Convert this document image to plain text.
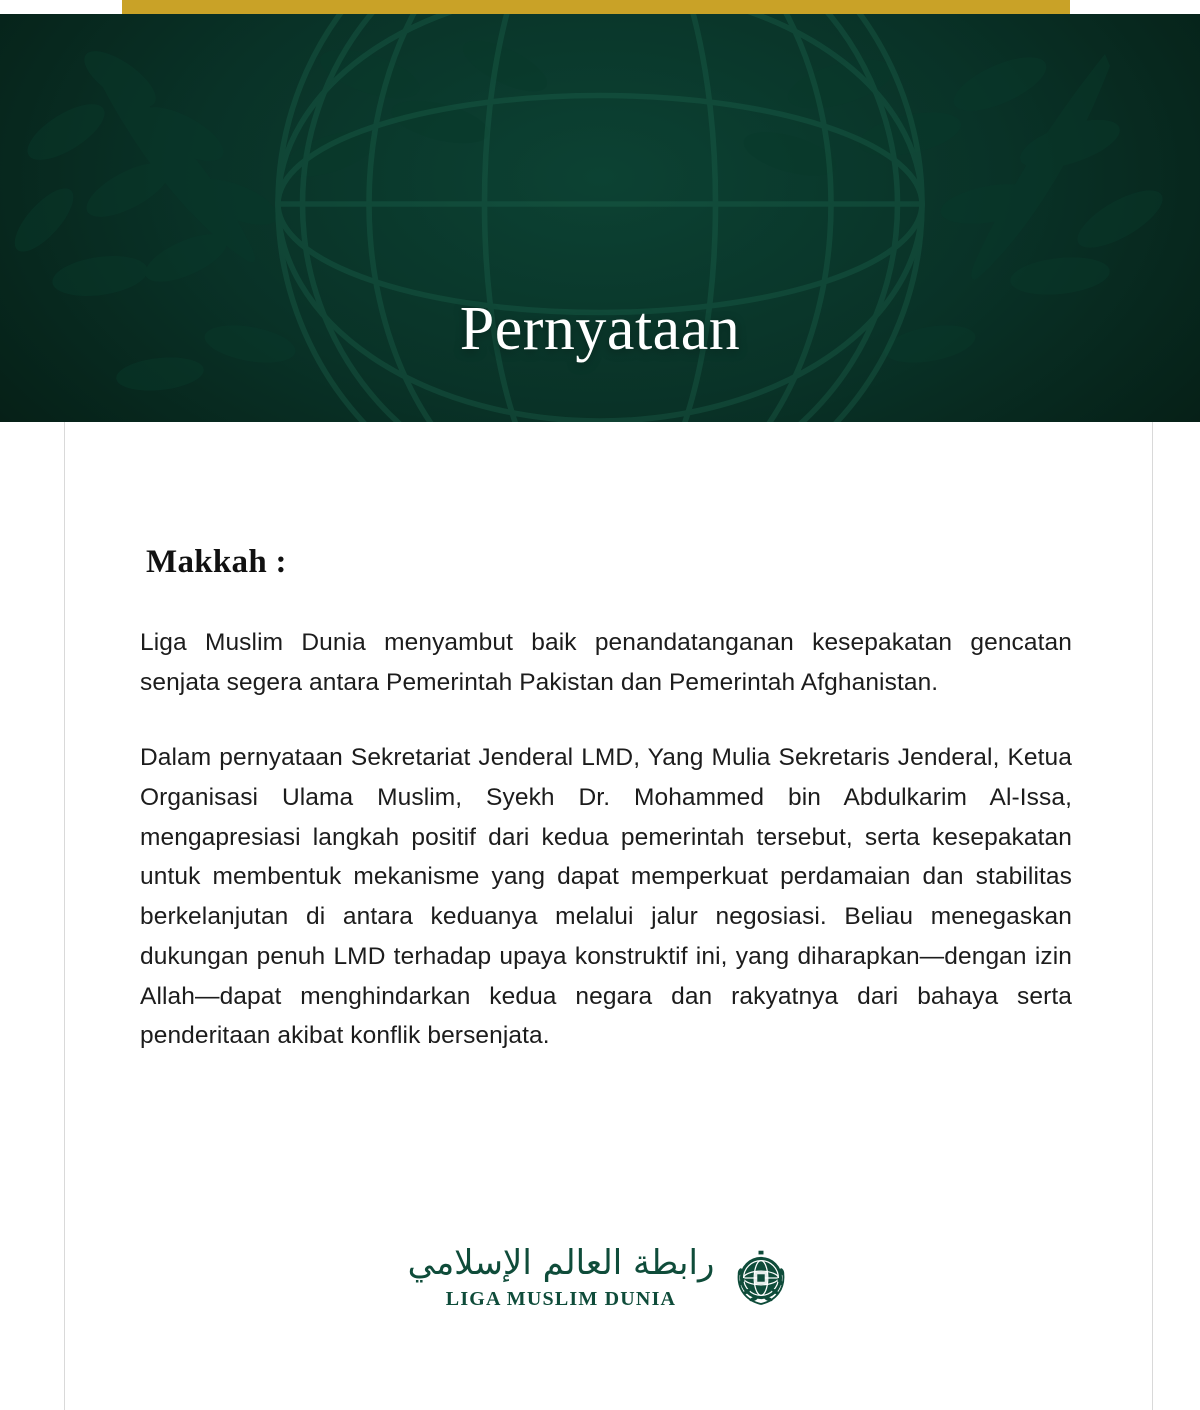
Pernyataan
Makkah :

Liga Muslim Dunia menyambut baik penandatanganan kesepakatan gencatan senjata segera antara Pemerintah Pakistan dan Pemerintah Afghanistan.

Dalam pernyataan Sekretariat Jenderal LMD, Yang Mulia Sekretaris Jenderal, Ketua Organisasi Ulama Muslim, Syekh Dr. Mohammed bin Abdulkarim Al-Issa, mengapresiasi langkah positif dari kedua pemerintah tersebut, serta kesepakatan untuk membentuk mekanisme yang dapat memperkuat perdamaian dan stabilitas berkelanjutan di antara keduanya melalui jalur negosiasi. Beliau menegaskan dukungan penuh LMD terhadap upaya konstruktif ini, yang diharapkan—dengan izin Allah—dapat menghindarkan kedua negara dan rakyatnya dari bahaya serta penderitaan akibat konflik bersenjata.

رابطة العالم الإسلامي
LIGA MUSLIM DUNIA
